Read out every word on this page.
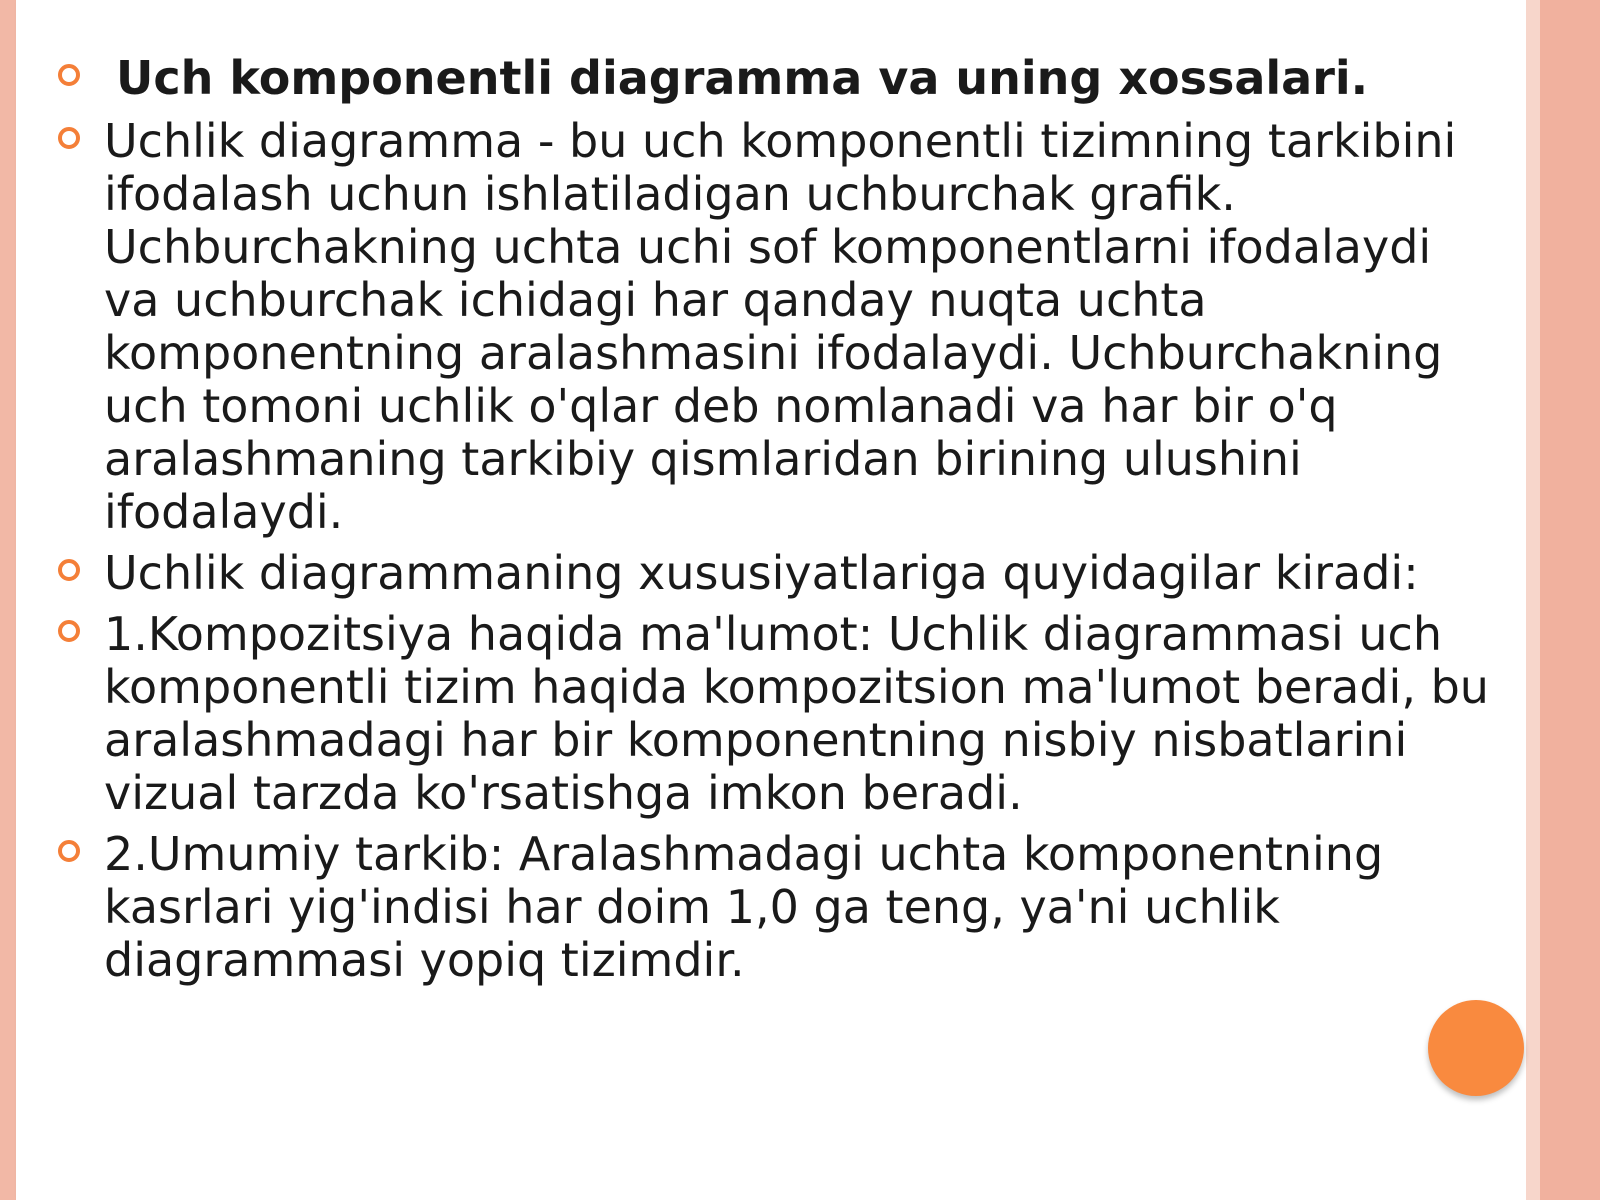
Uch komponentli diagramma va uning xossalari.
Uchlik diagramma - bu uch komponentli tizimning tarkibini ifodalash uchun ishlatiladigan uchburchak grafik. Uchburchakning uchta uchi sof komponentlarni ifodalaydi va uchburchak ichidagi har qanday nuqta uchta komponentning aralashmasini ifodalaydi. Uchburchakning uch tomoni uchlik o'qlar deb nomlanadi va har bir o'q aralashmaning tarkibiy qismlaridan birining ulushini ifodalaydi.
Uchlik diagrammaning xususiyatlariga quyidagilar kiradi:
1.Kompozitsiya haqida ma'lumot: Uchlik diagrammasi uch komponentli tizim haqida kompozitsion ma'lumot beradi, bu aralashmadagi har bir komponentning nisbiy nisbatlarini vizual tarzda ko'rsatishga imkon beradi.
2.Umumiy tarkib: Aralashmadagi uchta komponentning kasrlari yig'indisi har doim 1,0 ga teng, ya'ni uchlik diagrammasi yopiq tizimdir.
